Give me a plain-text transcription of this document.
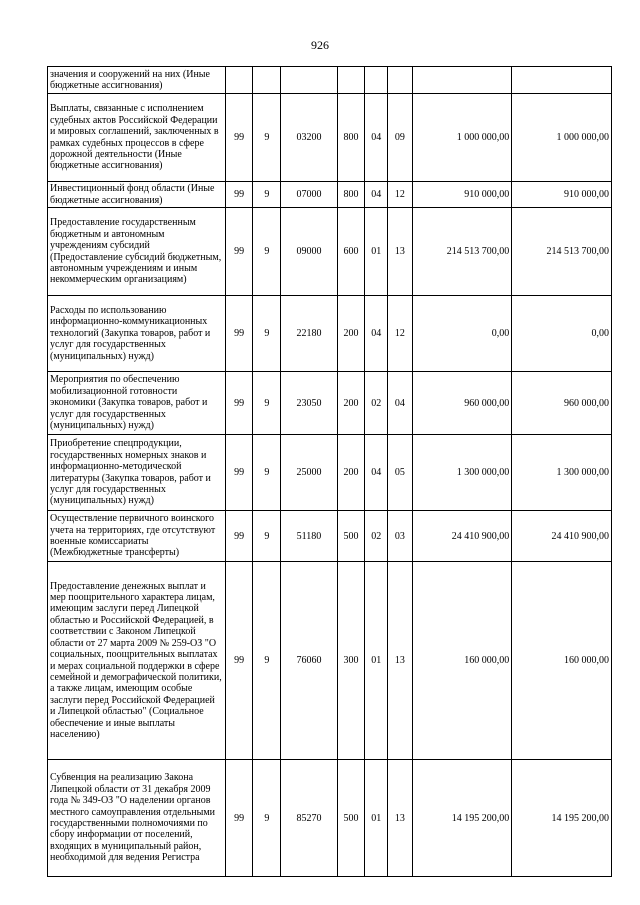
926
значения и сооружений на них (Иные бюджетные ассигнования)								
Выплаты, связанные с исполнением судебных актов Российской Федерации и мировых соглашений, заключенных в рамках судебных процессов в сфере дорожной деятельности (Иные бюджетные ассигнования)	99	9	03200	800	04	09	1 000 000,00	1 000 000,00
Инвестиционный фонд области (Иные бюджетные ассигнования)	99	9	07000	800	04	12	910 000,00	910 000,00
Предоставление государственным бюджетным и автономным учреждениям субсидий (Предоставление субсидий бюджетным, автономным учреждениям и иным некоммерческим организациям)	99	9	09000	600	01	13	214 513 700,00	214 513 700,00
Расходы по использованию информационно-коммуникационных технологий (Закупка товаров, работ и услуг для государственных (муниципальных) нужд)	99	9	22180	200	04	12	0,00	0,00
Мероприятия по обеспечению мобилизационной готовности экономики (Закупка товаров, работ и услуг для государственных (муниципальных) нужд)	99	9	23050	200	02	04	960 000,00	960 000,00
Приобретение спецпродукции, государственных номерных знаков и информационно-методической литературы (Закупка товаров, работ и услуг для государственных (муниципальных) нужд)	99	9	25000	200	04	05	1 300 000,00	1 300 000,00
Осуществление первичного воинского учета на территориях, где отсутствуют военные комиссариаты (Межбюджетные трансферты)	99	9	51180	500	02	03	24 410 900,00	24 410 900,00
Предоставление денежных выплат и мер поощрительного характера лицам, имеющим заслуги перед Липецкой областью и Российской Федерацией, в соответствии с Законом Липецкой области от 27 марта 2009 № 259-ОЗ "О социальных, поощрительных выплатах и мерах социальной поддержки в сфере семейной и демографической политики, а также лицам, имеющим особые заслуги перед Российской Федерацией и Липецкой областью" (Социальное обеспечение и иные выплаты населению)	99	9	76060	300	01	13	160 000,00	160 000,00
Субвенция на реализацию Закона Липецкой области от 31 декабря 2009 года № 349-ОЗ "О наделении органов местного самоуправления отдельными государственными полномочиями по сбору информации от поселений, входящих в муниципальный район, необходимой для ведения Регистра	99	9	85270	500	01	13	14 195 200,00	14 195 200,00
